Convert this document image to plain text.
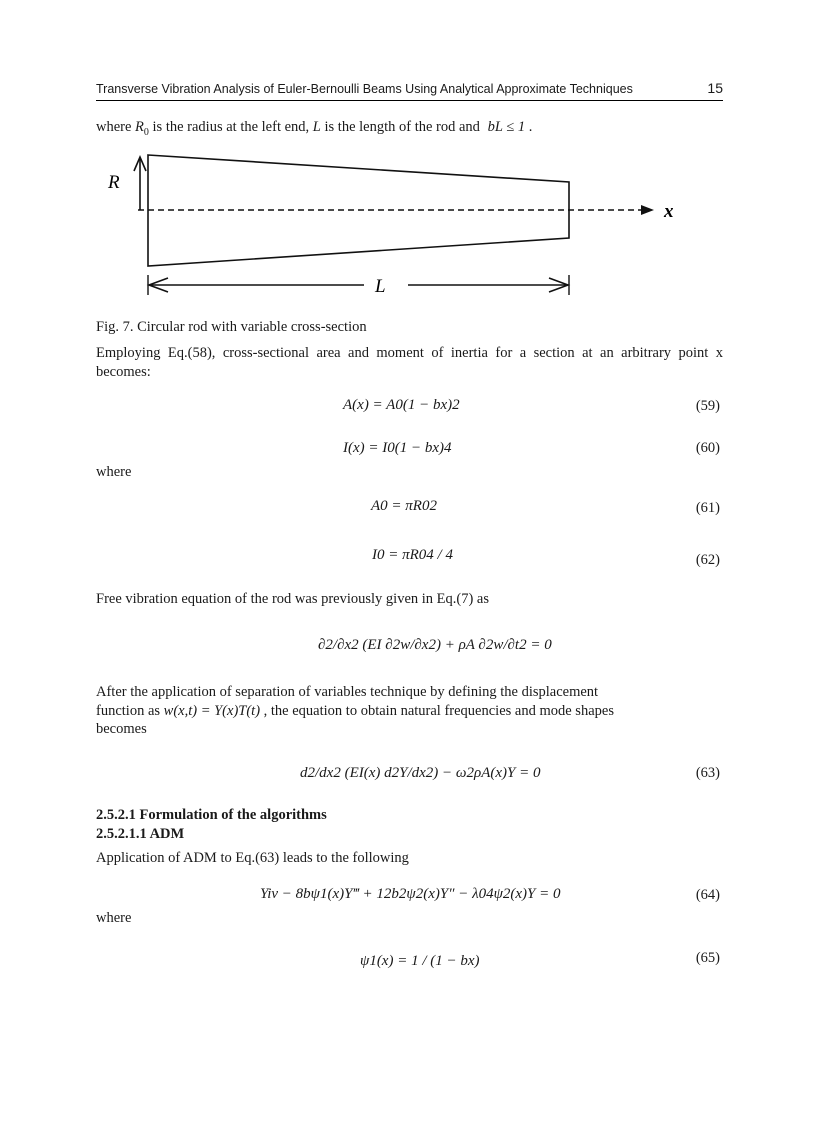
Transverse Vibration Analysis of Euler-Bernoulli Beams Using Analytical Approximate Techniques	15
where $R_0$ is the radius at the left end, L is the length of the rod and bL ≤ 1 .
R
x
L
Fig. 7. Circular rod with variable cross-section
Employing Eq.(58), cross-sectional area and moment of inertia for a section at an arbitrary point x becomes:
A(x) = A0(1 − bx)2	(59)
I(x) = I0(1 − bx)4	(60)
where
A0 = πR02	(61)
I0 = πR04 / 4	(62)
Free vibration equation of the rod was previously given in Eq.(7) as
∂2/∂x2 (EI ∂2w/∂x2) + ρA ∂2w/∂t2 = 0
After the application of separation of variables technique by defining the displacement
function as w(x,t) = Y(x)T(t) , the equation to obtain natural frequencies and mode shapes
becomes
d2/dx2 (EI(x) d2Y/dx2) − ω2ρA(x)Y = 0	(63)
2.5.2.1 Formulation of the algorithms
2.5.2.1.1 ADM
Application of ADM to Eq.(63) leads to the following
Yiv − 8bψ1(x)Y‴ + 12b2ψ2(x)Y″ − λ04ψ2(x)Y = 0	(64)
where
ψ1(x) = 1 / (1 − bx)	(65)
